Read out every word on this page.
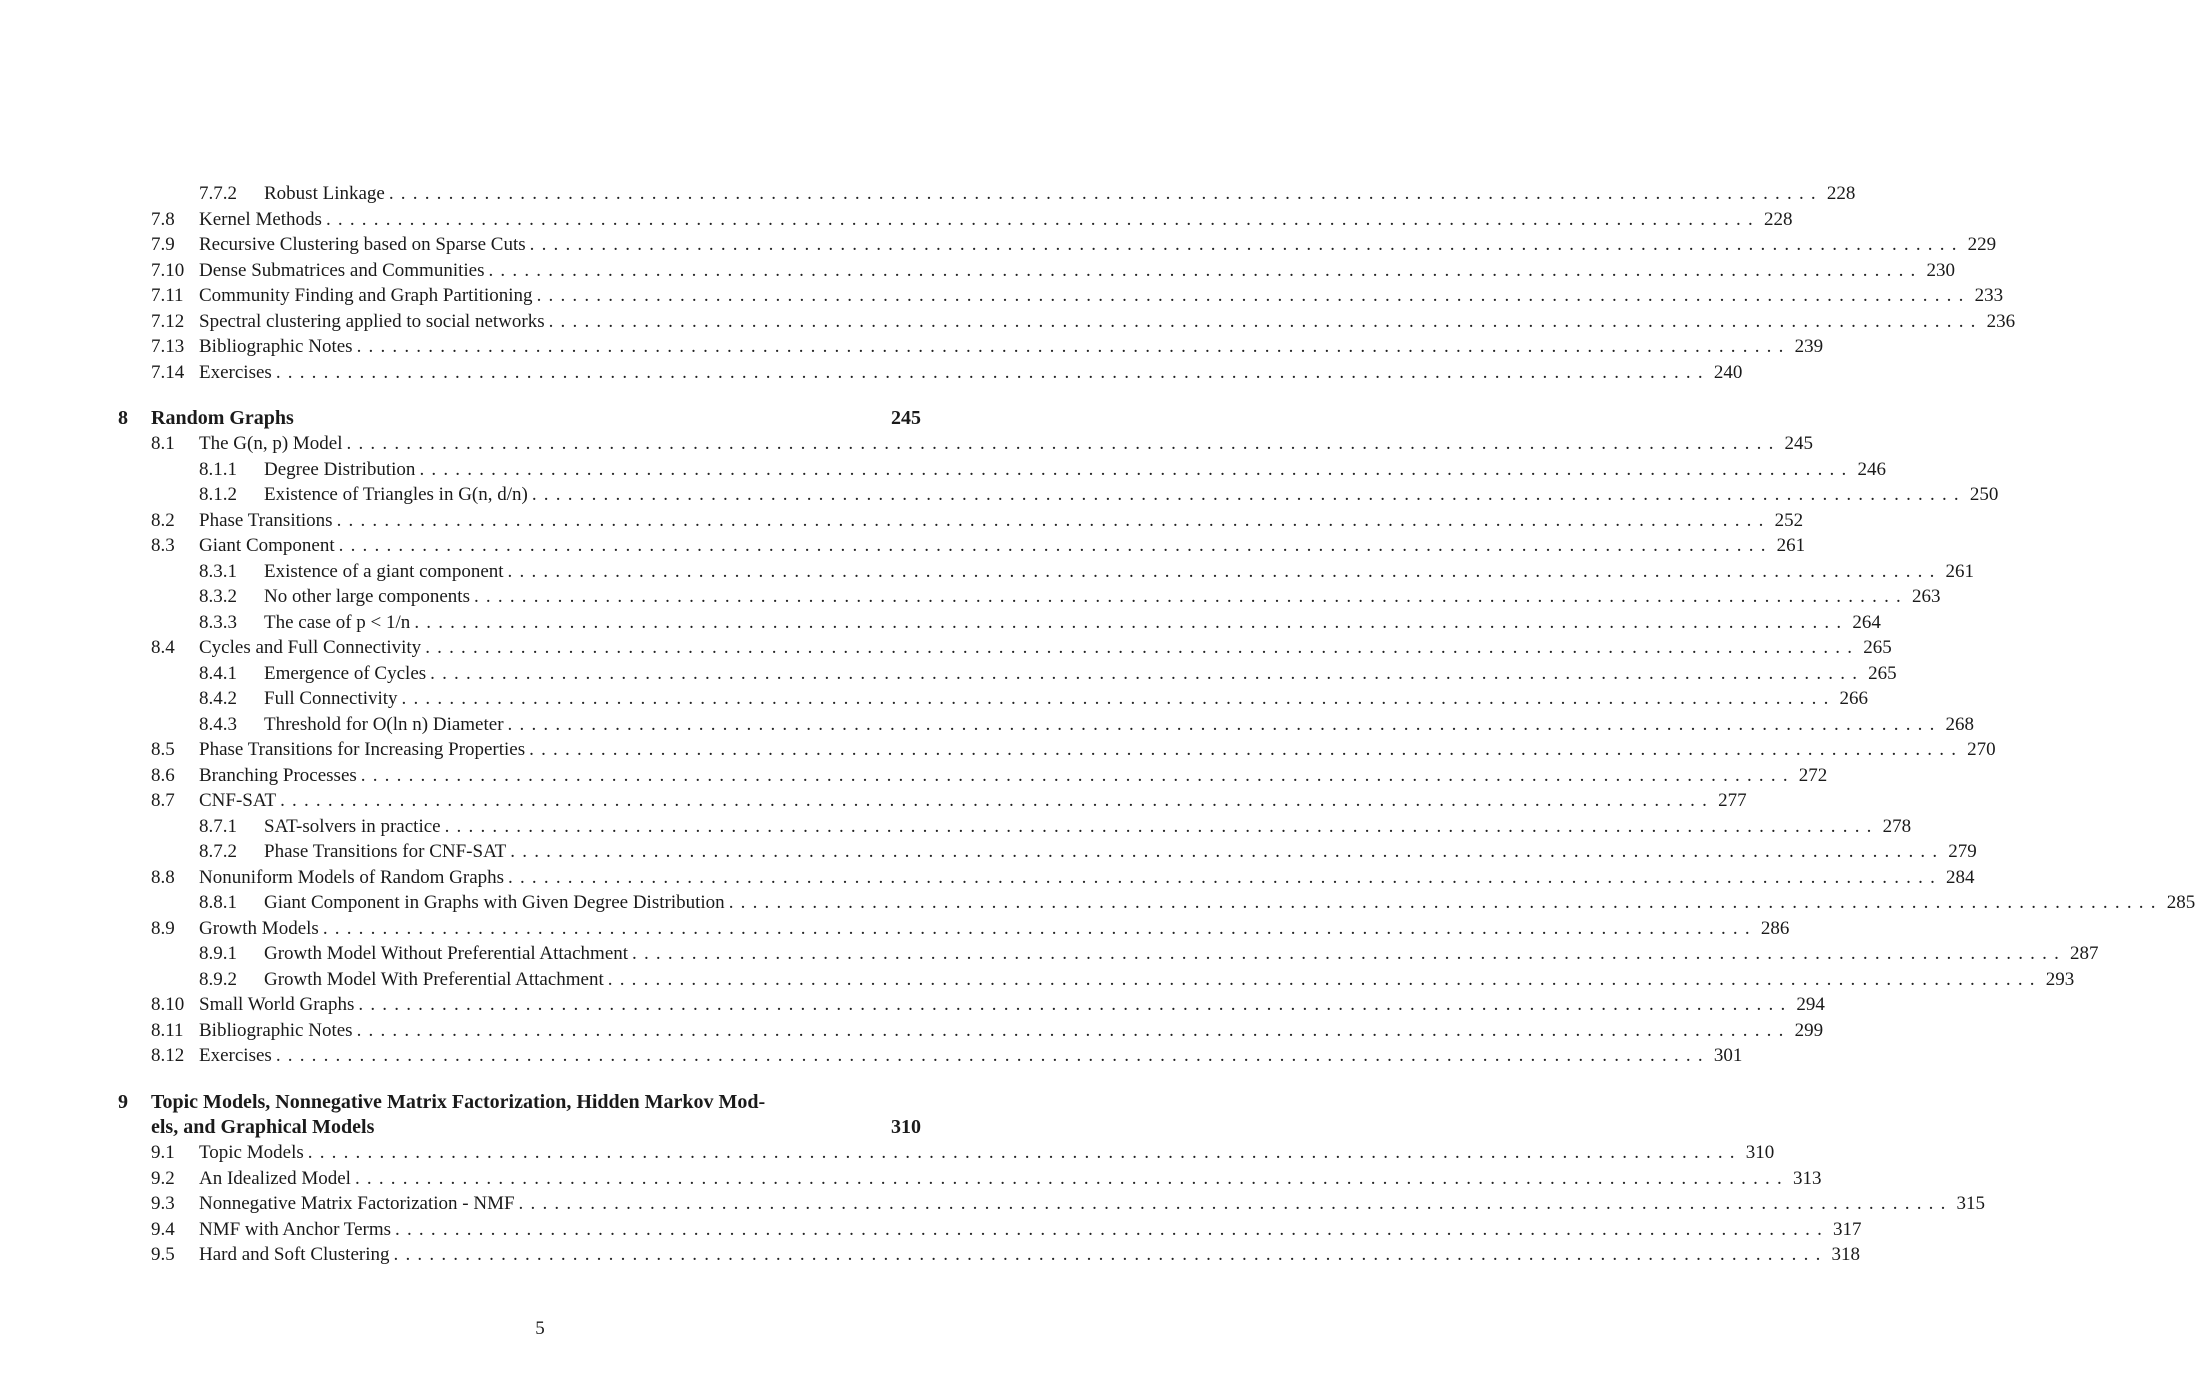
7.7.2	Robust Linkage ........................................................................................................................ 228
7.8	Kernel Methods ........................................................................................................................ 228
7.9	Recursive Clustering based on Sparse Cuts ........................................................................................................................ 229
7.10 Dense Submatrices and Communities ........................................................................................................................ 230
7.11 Community Finding and Graph Partitioning ........................................................................................................................ 233
7.12 Spectral clustering applied to social networks ........................................................................................................................ 236
7.13 Bibliographic Notes ........................................................................................................................ 239
7.14 Exercises ........................................................................................................................ 240
8	Random Graphs	245
8.1	The G(n, p) Model ........................................................................................................................ 245
8.1.1	Degree Distribution ........................................................................................................................ 246
8.1.2	Existence of Triangles in G(n, d/n) ........................................................................................................................ 250
8.2	Phase Transitions ........................................................................................................................ 252
8.3	Giant Component ........................................................................................................................ 261
8.3.1	Existence of a giant component ........................................................................................................................ 261
8.3.2	No other large components ........................................................................................................................ 263
8.3.3	The case of p < 1/n ........................................................................................................................ 264
8.4	Cycles and Full Connectivity ........................................................................................................................ 265
8.4.1	Emergence of Cycles ........................................................................................................................ 265
8.4.2	Full Connectivity ........................................................................................................................ 266
8.4.3	Threshold for O(ln n) Diameter ........................................................................................................................ 268
8.5	Phase Transitions for Increasing Properties ........................................................................................................................ 270
8.6	Branching Processes ........................................................................................................................ 272
8.7	CNF-SAT ........................................................................................................................ 277
8.7.1	SAT-solvers in practice ........................................................................................................................ 278
8.7.2	Phase Transitions for CNF-SAT ........................................................................................................................ 279
8.8	Nonuniform Models of Random Graphs ........................................................................................................................ 284
8.8.1	Giant Component in Graphs with Given Degree Distribution ........................................................................................................................ 285
8.9	Growth Models ........................................................................................................................ 286
8.9.1	Growth Model Without Preferential Attachment ........................................................................................................................ 287
8.9.2	Growth Model With Preferential Attachment ........................................................................................................................ 293
8.10 Small World Graphs ........................................................................................................................ 294
8.11 Bibliographic Notes ........................................................................................................................ 299
8.12 Exercises ........................................................................................................................ 301
9	Topic Models, Nonnegative Matrix Factorization, Hidden Markov Mod-
els, and Graphical Models	310
9.1	Topic Models ........................................................................................................................ 310
9.2	An Idealized Model ........................................................................................................................ 313
9.3	Nonnegative Matrix Factorization - NMF ........................................................................................................................ 315
9.4	NMF with Anchor Terms ........................................................................................................................ 317
9.5	Hard and Soft Clustering ........................................................................................................................ 318
5
